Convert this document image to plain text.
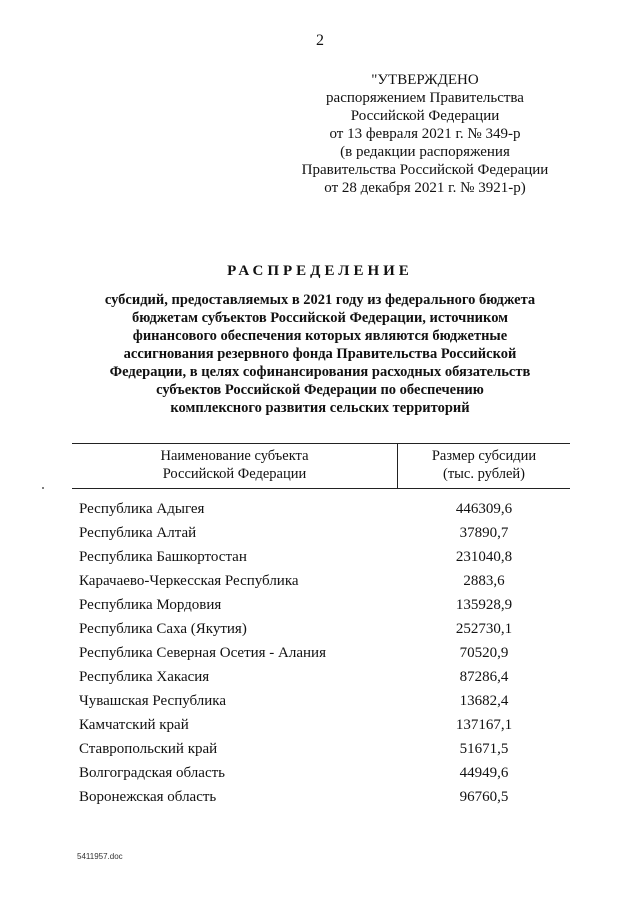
2
"УТВЕРЖДЕНО
распоряжением Правительства
Российской Федерации
от 13 февраля 2021 г. № 349-р
(в редакции распоряжения
Правительства Российской Федерации
от 28 декабря 2021 г. № 3921-р)
РАСПРЕДЕЛЕНИЕ
субсидий, предоставляемых в 2021 году из федерального бюджета
бюджетам субъектов Российской Федерации, источником
финансового обеспечения которых являются бюджетные
ассигнования резервного фонда Правительства Российской
Федерации, в целях софинансирования расходных обязательств
субъектов Российской Федерации по обеспечению
комплексного развития сельских территорий
Наименование субъекта
Российской Федерации
Размер субсидии
(тыс. рублей)
Республика Адыгея	446309,6
Республика Алтай	37890,7
Республика Башкортостан	231040,8
Карачаево-Черкесская Республика	2883,6
Республика Мордовия	135928,9
Республика Саха (Якутия)	252730,1
Республика Северная Осетия - Алания	70520,9
Республика Хакасия	87286,4
Чувашская Республика	13682,4
Камчатский край	137167,1
Ставропольский край	51671,5
Волгоградская область	44949,6
Воронежская область	96760,5
5411957.doc
